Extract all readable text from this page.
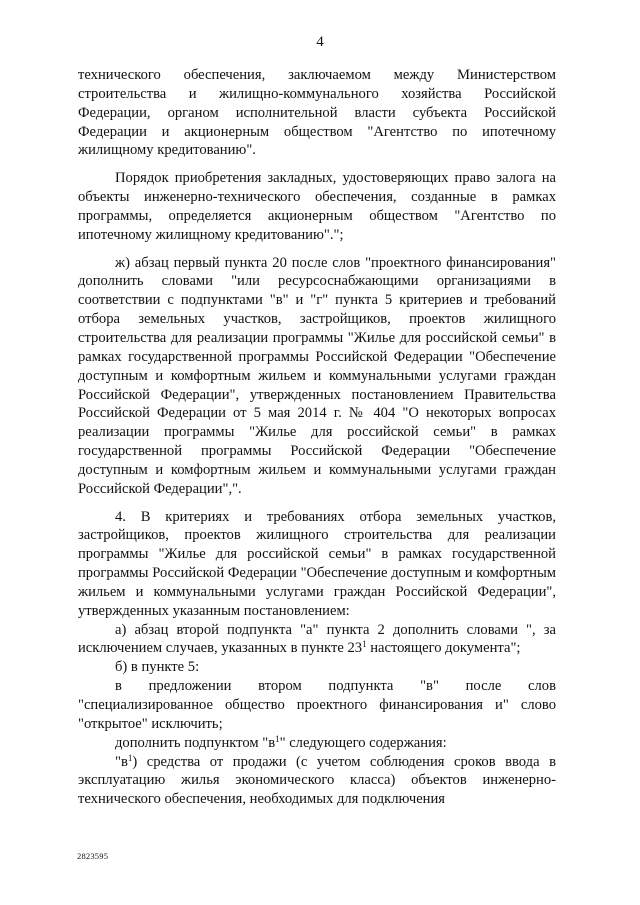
4

технического обеспечения, заключаемом между Министерством строительства и жилищно-коммунального хозяйства Российской Федерации, органом исполнительной власти субъекта Российской Федерации и акционерным обществом "Агентство по ипотечному жилищному кредитованию".

Порядок приобретения закладных, удостоверяющих право залога на объекты инженерно-технического обеспечения, созданные в рамках программы, определяется акционерным обществом "Агентство по ипотечному жилищному кредитованию".";

ж) абзац первый пункта 20 после слов "проектного финансирования" дополнить словами "или ресурсоснабжающими организациями в соответствии с подпунктами "в" и "г" пункта 5 критериев и требований отбора земельных участков, застройщиков, проектов жилищного строительства для реализации программы "Жилье для российской семьи" в рамках государственной программы Российской Федерации "Обеспечение доступным и комфортным жильем и коммунальными услугами граждан Российской Федерации", утвержденных постановлением Правительства Российской Федерации от 5 мая 2014 г. № 404 "О некоторых вопросах реализации программы "Жилье для российской семьи" в рамках государственной программы Российской Федерации "Обеспечение доступным и комфортным жильем и коммунальными услугами граждан Российской Федерации",".

4. В критериях и требованиях отбора земельных участков, застройщиков, проектов жилищного строительства для реализации программы "Жилье для российской семьи" в рамках государственной программы Российской Федерации "Обеспечение доступным и комфортным жильем и коммунальными услугами граждан Российской Федерации", утвержденных указанным постановлением:

а) абзац второй подпункта "а" пункта 2 дополнить словами ", за исключением случаев, указанных в пункте $23^1$ настоящего документа";

б) в пункте 5:

в предложении втором подпункта "в" после слов "специализированное общество проектного финансирования и" слово "открытое" исключить;

дополнить подпунктом "$в^1$" следующего содержания:

"$в^1$) средства от продажи (с учетом соблюдения сроков ввода в эксплуатацию жилья экономического класса) объектов инженерно-технического обеспечения, необходимых для подключения

2823595
